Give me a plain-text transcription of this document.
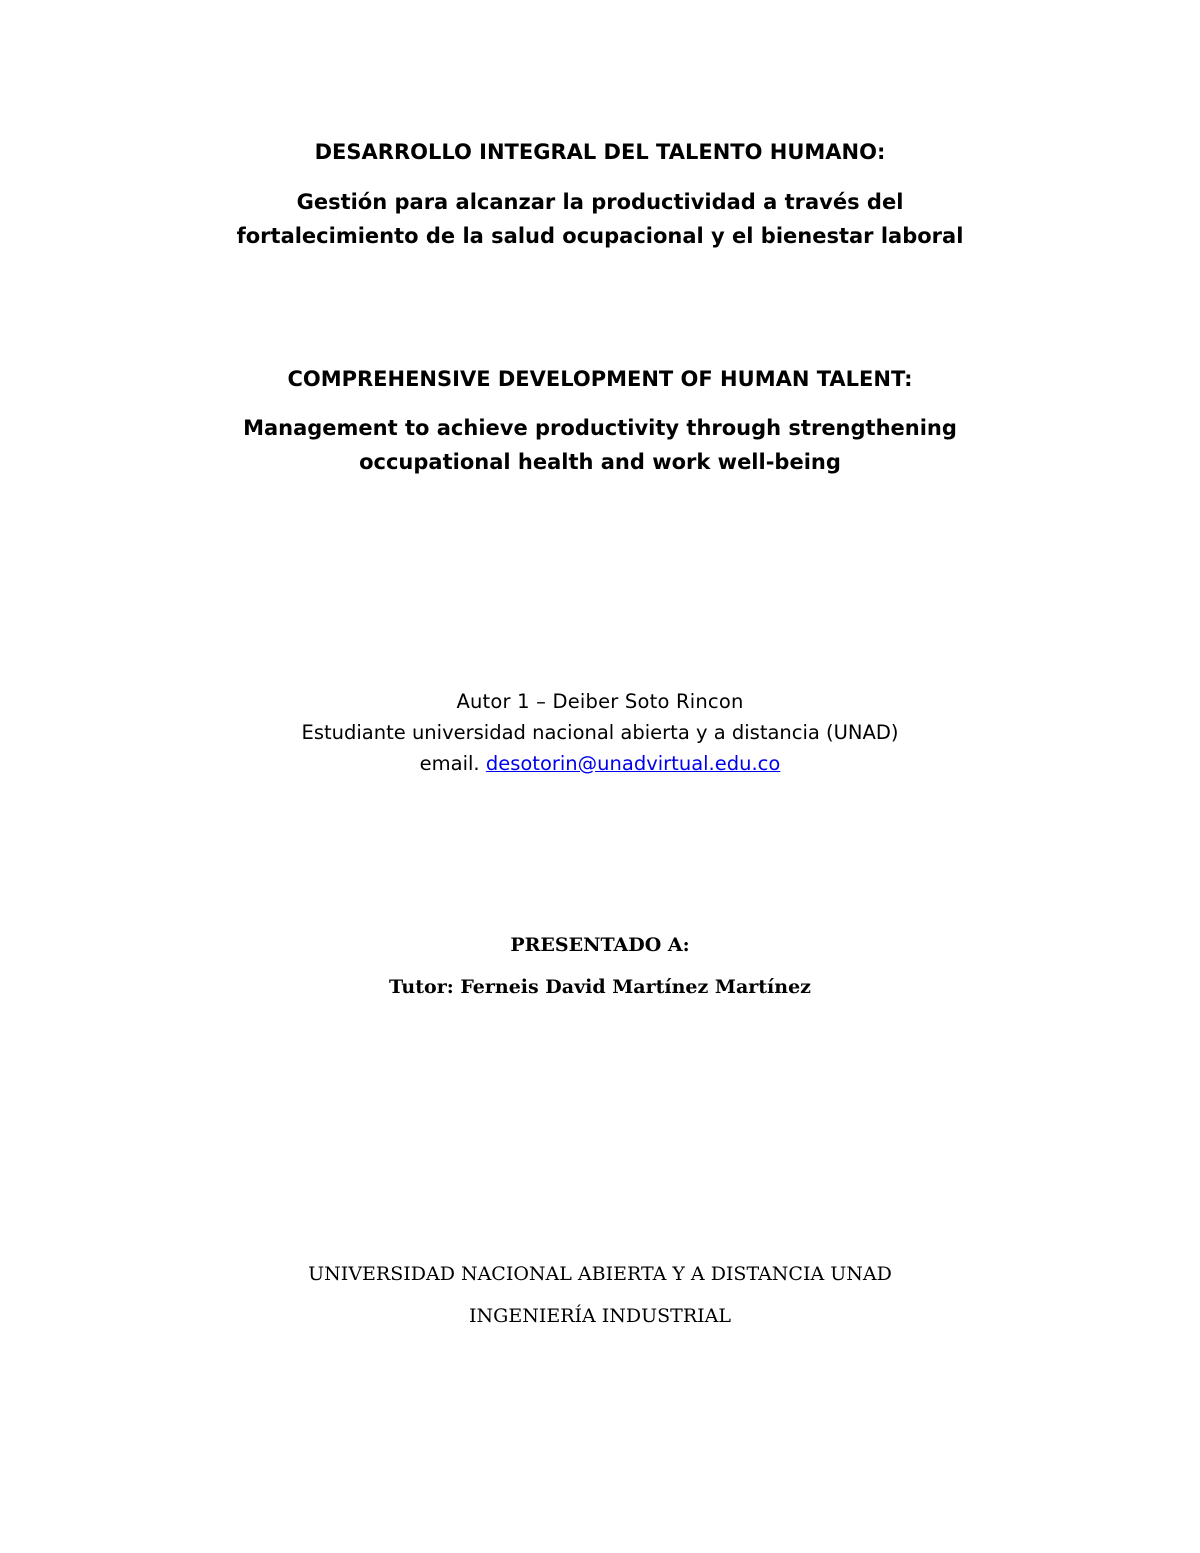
DESARROLLO INTEGRAL DEL TALENTO HUMANO:
Gestión para alcanzar la productividad a través del
fortalecimiento de la salud ocupacional y el bienestar laboral
COMPREHENSIVE DEVELOPMENT OF HUMAN TALENT:
Management to achieve productivity through strengthening
occupational health and work well-being
Autor 1 – Deiber Soto Rincon
Estudiante universidad nacional abierta y a distancia (UNAD)
email. desotorin@unadvirtual.edu.co
PRESENTADO A:
Tutor: Ferneis David Martínez Martínez
UNIVERSIDAD NACIONAL ABIERTA Y A DISTANCIA UNAD
INGENIERÍA INDUSTRIAL
